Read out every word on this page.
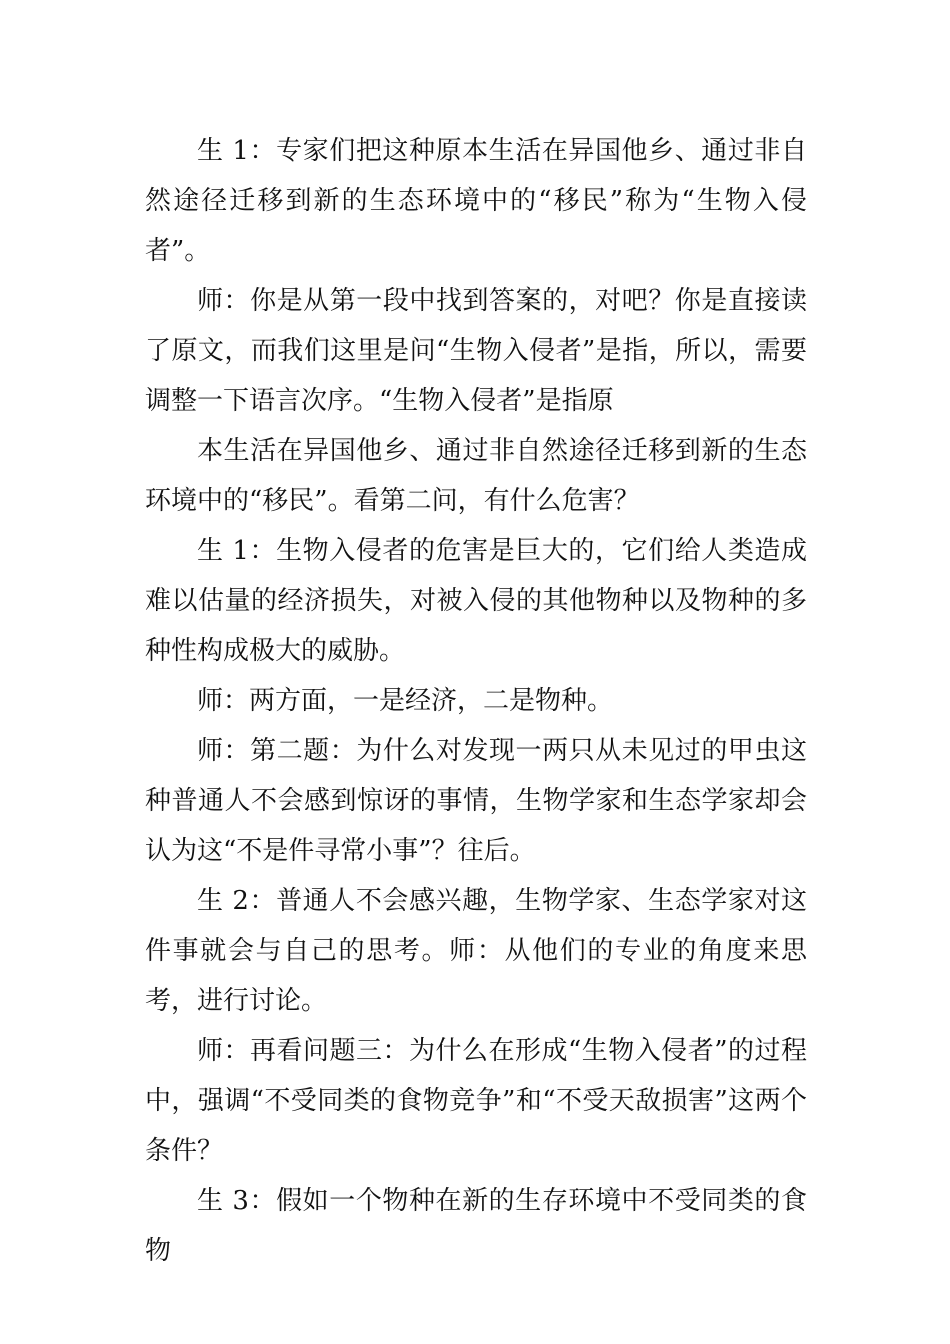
生 1：专家们把这种原本生活在异国他乡、通过非自然途径迁移到新的生态环境中的“移民”称为“生物入侵者”。

师：你是从第一段中找到答案的，对吧？你是直接读了原文，而我们这里是问“生物入侵者”是指，所以，需要调整一下语言次序。“生物入侵者”是指原

本生活在异国他乡、通过非自然途径迁移到新的生态环境中的“移民”。看第二问，有什么危害？

生 1：生物入侵者的危害是巨大的，它们给人类造成难以估量的经济损失，对被入侵的其他物种以及物种的多种性构成极大的威胁。

师：两方面，一是经济，二是物种。

师：第二题：为什么对发现一两只从未见过的甲虫这种普通人不会感到惊讶的事情，生物学家和生态学家却会认为这“不是件寻常小事”？往后。

生 2：普通人不会感兴趣，生物学家、生态学家对这件事就会与自己的思考。师：从他们的专业的角度来思考，进行讨论。

师：再看问题三：为什么在形成“生物入侵者”的过程中，强调“不受同类的食物竞争”和“不受天敌损害”这两个条件？

生 3：假如一个物种在新的生存环境中不受同类的食物
